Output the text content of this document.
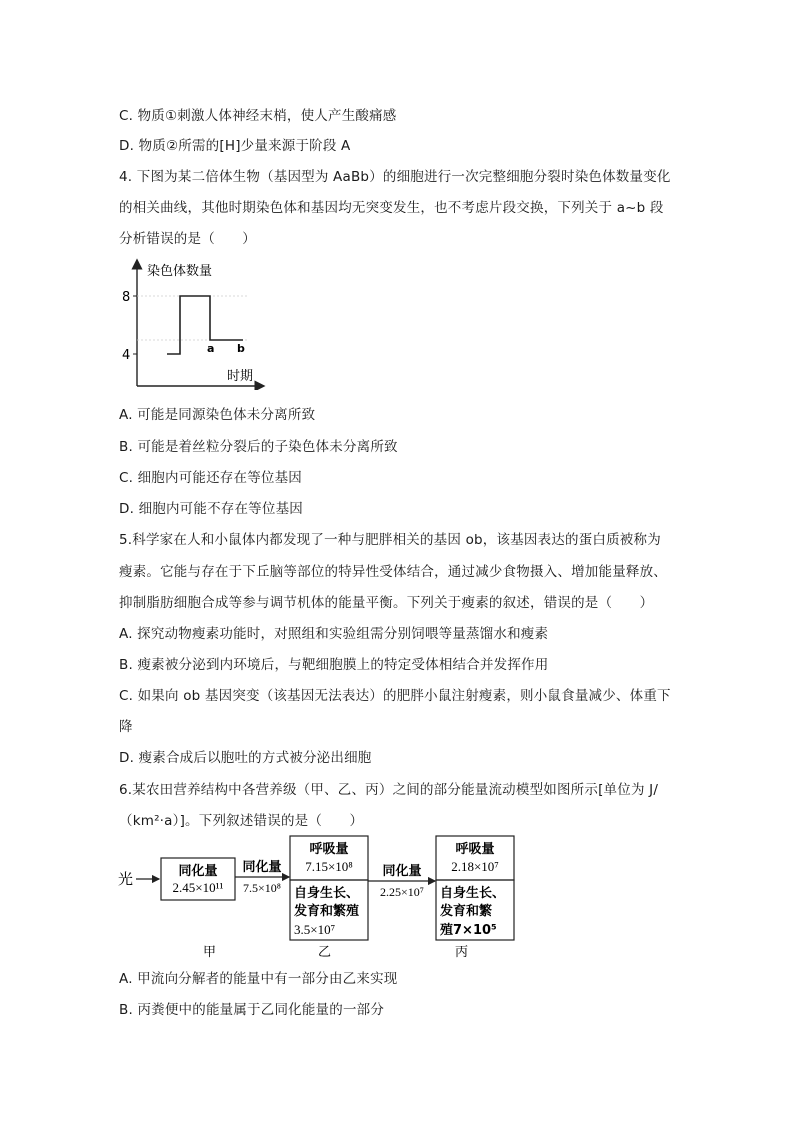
C. 物质①刺激人体神经末梢，使人产生酸痛感
D. 物质②所需的[H]少量来源于阶段 A
4. 下图为某二倍体生物（基因型为 AaBb）的细胞进行一次完整细胞分裂时染色体数量变化
的相关曲线，其他时期染色体和基因均无突变发生，也不考虑片段交换，下列关于 a~b 段
分析错误的是（　　）
染色体数量
时期
8
4	a b
A. 可能是同源染色体未分离所致
B. 可能是着丝粒分裂后的子染色体未分离所致
C. 细胞内可能还存在等位基因
D. 细胞内可能不存在等位基因
5.科学家在人和小鼠体内都发现了一种与肥胖相关的基因 ob，该基因表达的蛋白质被称为
瘦素。它能与存在于下丘脑等部位的特异性受体结合，通过减少食物摄入、增加能量释放、
抑制脂肪细胞合成等参与调节机体的能量平衡。下列关于瘦素的叙述，错误的是（　　）
A. 探究动物瘦素功能时，对照组和实验组需分别饲喂等量蒸馏水和瘦素
B. 瘦素被分泌到内环境后，与靶细胞膜上的特定受体相结合并发挥作用
C. 如果向 ob 基因突变（该基因无法表达）的肥胖小鼠注射瘦素，则小鼠食量减少、体重下
降
D. 瘦素合成后以胞吐的方式被分泌出细胞
6.某农田营养结构中各营养级（甲、乙、丙）之间的部分能量流动模型如图所示[单位为 J/
（km²·a）]。下列叙述错误的是（　　）
光	同化量
2.45×10¹¹
同化量
7.5×10⁸
呼吸量
7.15×10⁸
自身生长、
发育和繁殖
3.5×10⁷
同化量
2.25×10⁷
呼吸量
2.18×10⁷
自身生长、
发育和繁
殖7×10⁵
甲	乙	丙
A. 甲流向分解者的能量中有一部分由乙来实现
B. 丙粪便中的能量属于乙同化能量的一部分
